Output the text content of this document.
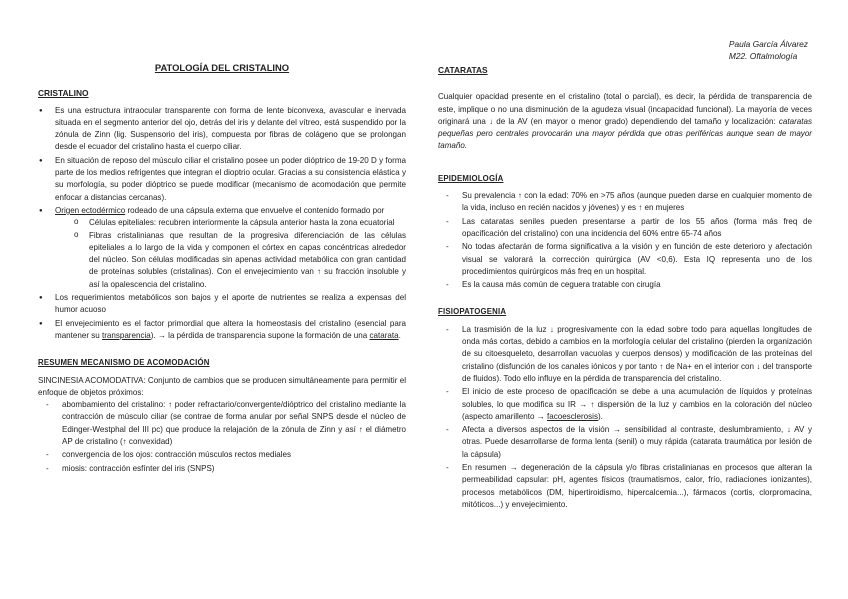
Paula García Álvarez
M22. Oftalmología
PATOLOGÍA DEL CRISTALINO
CRISTALINO
● Es una estructura intraocular transparente con forma de lente biconvexa, avascular e inervada situada en el segmento anterior del ojo, detrás del iris y delante del vítreo, está suspendido por la zónula de Zinn (lig. Suspensorio del iris), compuesta por fibras de colágeno que se prolongan desde el ecuador del cristalino hasta el cuerpo ciliar.
● En situación de reposo del músculo ciliar el cristalino posee un poder dióptrico de 19-20 D y forma parte de los medios refrigentes que integran el dioptrio ocular. Gracias a su consistencia elástica y su morfología, su poder dióptrico se puede modificar (mecanismo de acomodación que permite enfocar a distancias cercanas).
● Origen ectodérmico rodeado de una cápsula externa que envuelve el contenido formado por
o Células epiteliales: recubren interiormente la cápsula anterior hasta la zona ecuatorial
o Fibras cristalinianas que resultan de la progresiva diferenciación de las células epiteliales a lo largo de la vida y componen el córtex en capas concéntricas alrededor del núcleo. Son células modificadas sin apenas actividad metabólica con gran cantidad de proteínas solubles (cristalinas). Con el envejecimiento van ↑ su fracción insoluble y así la opalescencia del cristalino.
● Los requerimientos metabólicos son bajos y el aporte de nutrientes se realiza a expensas del humor acuoso
● El envejecimiento es el factor primordial que altera la homeostasis del cristalino (esencial para mantener su transparencia). → la pérdida de transparencia supone la formación de una catarata.
RESUMEN MECANISMO DE ACOMODACIÓN

SINCINESIA ACOMODATIVA: Conjunto de cambios que se producen simultáneamente para permitir el enfoque de objetos próximos:

- abombamiento del cristalino: ↑ poder refractario/convergente/dióptrico del cristalino mediante la contracción de músculo ciliar (se contrae de forma anular por señal SNPS desde el núcleo de Edinger-Westphal del III pc) que produce la relajación de la zónula de Zinn y así ↑ el diámetro AP de cristalino (↑ convexidad)
- convergencia de los ojos: contracción músculos rectos mediales
- miosis: contracción esfínter del iris (SNPS)
CATARATAS

Cualquier opacidad presente en el cristalino (total o parcial), es decir, la pérdida de transparencia de este, implique o no una disminución de la agudeza visual (incapacidad funcional). La mayoría de veces originará una ↓ de la AV (en mayor o menor grado) dependiendo del tamaño y localización: cataratas pequeñas pero centrales provocarán una mayor pérdida que otras periféricas aunque sean de mayor tamaño.

EPIDEMIOLOGÍA
- Su prevalencia ↑ con la edad: 70% en >75 años (aunque pueden darse en cualquier momento de la vida, incluso en recién nacidos y jóvenes) y es ↑ en mujeres
- Las cataratas seniles pueden presentarse a partir de los 55 años (forma más freq de opacificación del cristalino) con una incidencia del 60% entre 65-74 años
- No todas afectarán de forma significativa a la visión y en función de este deterioro y afectación visual se valorará la corrección quirúrgica (AV <0,6). Esta IQ representa uno de los procedimientos quirúrgicos más freq en un hospital.
- Es la causa más común de ceguera tratable con cirugía
FISIOPATOGENIA
- La trasmisión de la luz ↓ progresivamente con la edad sobre todo para aquellas longitudes de onda más cortas, debido a cambios en la morfología celular del cristalino (pierden la organización de su citoesqueleto, desarrollan vacuolas y cuerpos densos) y modificación de las proteínas del cristalino (disfunción de los canales iónicos y por tanto ↑ de Na+ en el interior con ↓ del transporte de fluidos). Todo ello influye en la pérdida de transparencia del cristalino.
- El inicio de este proceso de opacificación se debe a una acumulación de líquidos y proteínas solubles, lo que modifica su IR → ↑ dispersión de la luz y cambios en la coloración del núcleo (aspecto amarillento → facoesclerosis).
- Afecta a diversos aspectos de la visión → sensibilidad al contraste, deslumbramiento, ↓ AV y otras. Puede desarrollarse de forma lenta (senil) o muy rápida (catarata traumática por lesión de la cápsula)
- En resumen → degeneración de la cápsula y/o fibras cristalinianas en procesos que alteran la permeabilidad capsular: pH, agentes físicos (traumatismos, calor, frío, radiaciones ionizantes), procesos metabólicos (DM, hipertiroidismo, hipercalcemia...), fármacos (cortis, clorpromacina, mitóticos...) y envejecimiento.
